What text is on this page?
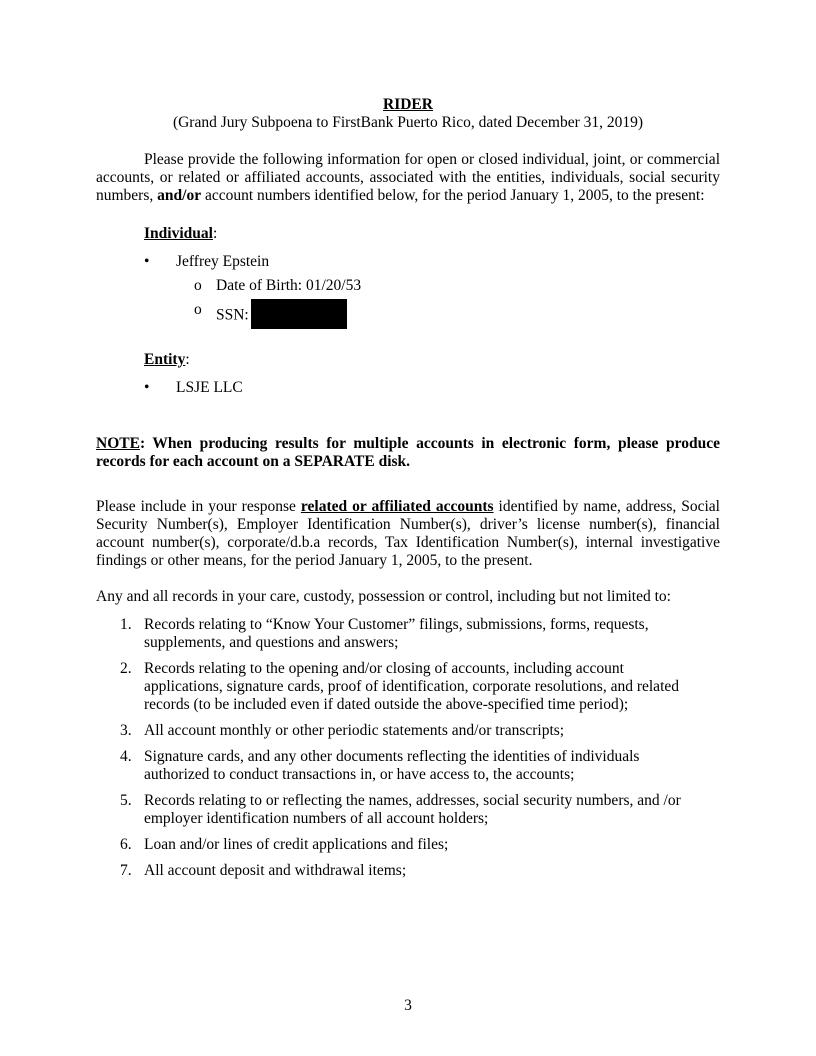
RIDER
(Grand Jury Subpoena to FirstBank Puerto Rico, dated December 31, 2019)

Please provide the following information for open or closed individual, joint, or commercial accounts, or related or affiliated accounts, associated with the entities, individuals, social security numbers, and/or account numbers identified below, for the period January 1, 2005, to the present:

Individual:
• Jeffrey Epstein
o Date of Birth: 01/20/53
o SSN:
Entity:
• LSJE LLC

NOTE: When producing results for multiple accounts in electronic form, please produce records for each account on a SEPARATE disk.

Please include in your response related or affiliated accounts identified by name, address, Social Security Number(s), Employer Identification Number(s), driver’s license number(s), financial account number(s), corporate/d.b.a records, Tax Identification Number(s), internal investigative findings or other means, for the period January 1, 2005, to the present.

Any and all records in your care, custody, possession or control, including but not limited to:

1. Records relating to “Know Your Customer” filings, submissions, forms, requests, supplements, and questions and answers;
2. Records relating to the opening and/or closing of accounts, including account applications, signature cards, proof of identification, corporate resolutions, and related records (to be included even if dated outside the above-specified time period);
3. All account monthly or other periodic statements and/or transcripts;
4. Signature cards, and any other documents reflecting the identities of individuals authorized to conduct transactions in, or have access to, the accounts;
5. Records relating to or reflecting the names, addresses, social security numbers, and /or employer identification numbers of all account holders;
6. Loan and/or lines of credit applications and files;
7. All account deposit and withdrawal items;
3
